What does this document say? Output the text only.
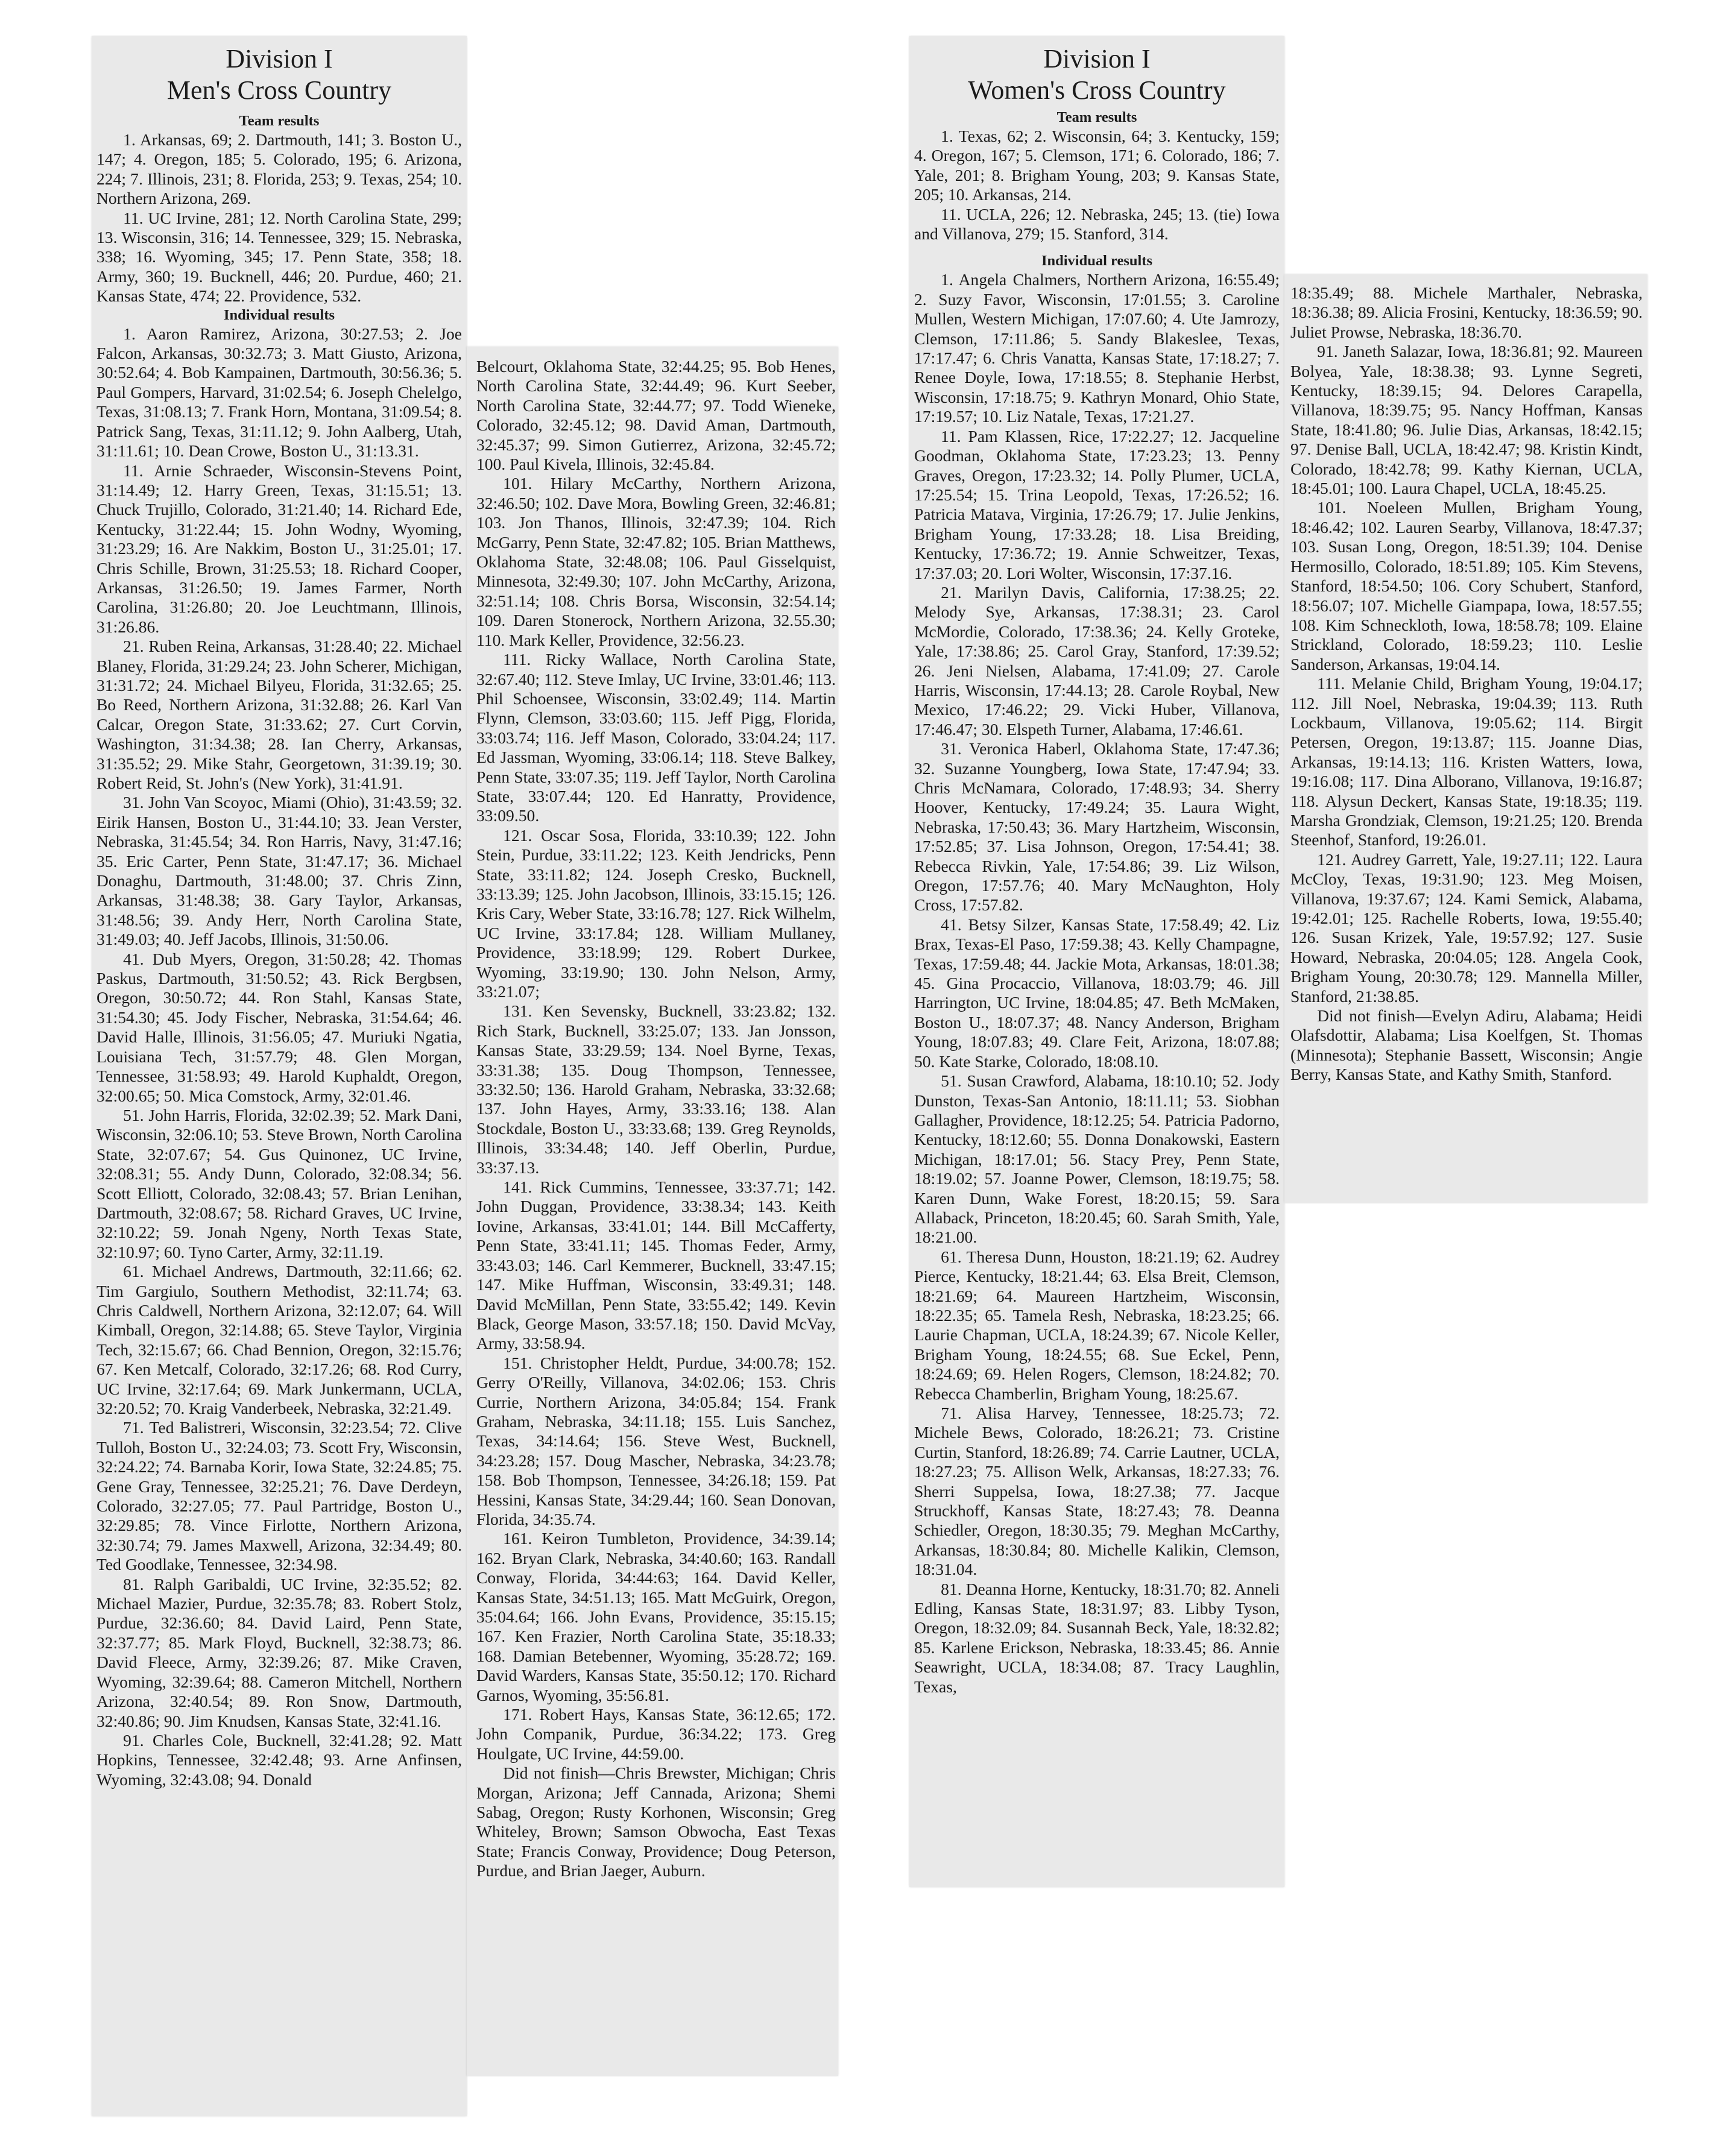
Division I
Men's Cross Country
Team results

1. Arkansas, 69; 2. Dartmouth, 141; 3. Boston U., 147; 4. Oregon, 185; 5. Colorado, 195; 6. Arizona, 224; 7. Illinois, 231; 8. Florida, 253; 9. Texas, 254; 10. Northern Arizona, 269.

11. UC Irvine, 281; 12. North Carolina State, 299; 13. Wisconsin, 316; 14. Tennessee, 329; 15. Nebraska, 338; 16. Wyoming, 345; 17. Penn State, 358; 18. Army, 360; 19. Bucknell, 446; 20. Purdue, 460; 21. Kansas State, 474; 22. Providence, 532.

Individual results

1. Aaron Ramirez, Arizona, 30:27.53; 2. Joe Falcon, Arkansas, 30:32.73; 3. Matt Giusto, Arizona, 30:52.64; 4. Bob Kampainen, Dartmouth, 30:56.36; 5. Paul Gompers, Harvard, 31:02.54; 6. Joseph Chelelgo, Texas, 31:08.13; 7. Frank Horn, Montana, 31:09.54; 8. Patrick Sang, Texas, 31:11.12; 9. John Aalberg, Utah, 31:11.61; 10. Dean Crowe, Boston U., 31:13.31.

11. Arnie Schraeder, Wisconsin-Stevens Point, 31:14.49; 12. Harry Green, Texas, 31:15.51; 13. Chuck Trujillo, Colorado, 31:21.40; 14. Richard Ede, Kentucky, 31:22.44; 15. John Wodny, Wyoming, 31:23.29; 16. Are Nakkim, Boston U., 31:25.01; 17. Chris Schille, Brown, 31:25.53; 18. Richard Cooper, Arkansas, 31:26.50; 19. James Farmer, North Carolina, 31:26.80; 20. Joe Leuchtmann, Illinois, 31:26.86.

21. Ruben Reina, Arkansas, 31:28.40; 22. Michael Blaney, Florida, 31:29.24; 23. John Scherer, Michigan, 31:31.72; 24. Michael Bilyeu, Florida, 31:32.65; 25. Bo Reed, Northern Arizona, 31:32.88; 26. Karl Van Calcar, Oregon State, 31:33.62; 27. Curt Corvin, Washington, 31:34.38; 28. Ian Cherry, Arkansas, 31:35.52; 29. Mike Stahr, Georgetown, 31:39.19; 30. Robert Reid, St. John's (New York), 31:41.91.

31. John Van Scoyoc, Miami (Ohio), 31:43.59; 32. Eirik Hansen, Boston U., 31:44.10; 33. Jean Verster, Nebraska, 31:45.54; 34. Ron Harris, Navy, 31:47.16; 35. Eric Carter, Penn State, 31:47.17; 36. Michael Donaghu, Dartmouth, 31:48.00; 37. Chris Zinn, Arkansas, 31:48.38; 38. Gary Taylor, Arkansas, 31:48.56; 39. Andy Herr, North Carolina State, 31:49.03; 40. Jeff Jacobs, Illinois, 31:50.06.

41. Dub Myers, Oregon, 31:50.28; 42. Thomas Paskus, Dartmouth, 31:50.52; 43. Rick Bergbsen, Oregon, 30:50.72; 44. Ron Stahl, Kansas State, 31:54.30; 45. Jody Fischer, Nebraska, 31:54.64; 46. David Halle, Illinois, 31:56.05; 47. Muriuki Ngatia, Louisiana Tech, 31:57.79; 48. Glen Morgan, Tennessee, 31:58.93; 49. Harold Kuphaldt, Oregon, 32:00.65; 50. Mica Comstock, Army, 32:01.46.

51. John Harris, Florida, 32:02.39; 52. Mark Dani, Wisconsin, 32:06.10; 53. Steve Brown, North Carolina State, 32:07.67; 54. Gus Quinonez, UC Irvine, 32:08.31; 55. Andy Dunn, Colorado, 32:08.34; 56. Scott Elliott, Colorado, 32:08.43; 57. Brian Lenihan, Dartmouth, 32:08.67; 58. Richard Graves, UC Irvine, 32:10.22; 59. Jonah Ngeny, North Texas State, 32:10.97; 60. Tyno Carter, Army, 32:11.19.

61. Michael Andrews, Dartmouth, 32:11.66; 62. Tim Gargiulo, Southern Methodist, 32:11.74; 63. Chris Caldwell, Northern Arizona, 32:12.07; 64. Will Kimball, Oregon, 32:14.88; 65. Steve Taylor, Virginia Tech, 32:15.67; 66. Chad Bennion, Oregon, 32:15.76; 67. Ken Metcalf, Colorado, 32:17.26; 68. Rod Curry, UC Irvine, 32:17.64; 69. Mark Junkermann, UCLA, 32:20.52; 70. Kraig Vanderbeek, Nebraska, 32:21.49.

71. Ted Balistreri, Wisconsin, 32:23.54; 72. Clive Tulloh, Boston U., 32:24.03; 73. Scott Fry, Wisconsin, 32:24.22; 74. Barnaba Korir, Iowa State, 32:24.85; 75. Gene Gray, Tennessee, 32:25.21; 76. Dave Derdeyn, Colorado, 32:27.05; 77. Paul Partridge, Boston U., 32:29.85; 78. Vince Firlotte, Northern Arizona, 32:30.74; 79. James Maxwell, Arizona, 32:34.49; 80. Ted Goodlake, Tennessee, 32:34.98.

81. Ralph Garibaldi, UC Irvine, 32:35.52; 82. Michael Mazier, Purdue, 32:35.78; 83. Robert Stolz, Purdue, 32:36.60; 84. David Laird, Penn State, 32:37.77; 85. Mark Floyd, Bucknell, 32:38.73; 86. David Fleece, Army, 32:39.26; 87. Mike Craven, Wyoming, 32:39.64; 88. Cameron Mitchell, Northern Arizona, 32:40.54; 89. Ron Snow, Dartmouth, 32:40.86; 90. Jim Knudsen, Kansas State, 32:41.16.

91. Charles Cole, Bucknell, 32:41.28; 92. Matt Hopkins, Tennessee, 32:42.48; 93. Arne Anfinsen, Wyoming, 32:43.08; 94. Donald

Belcourt, Oklahoma State, 32:44.25; 95. Bob Henes, North Carolina State, 32:44.49; 96. Kurt Seeber, North Carolina State, 32:44.77; 97. Todd Wieneke, Colorado, 32:45.12; 98. David Aman, Dartmouth, 32:45.37; 99. Simon Gutierrez, Arizona, 32:45.72; 100. Paul Kivela, Illinois, 32:45.84.

101. Hilary McCarthy, Northern Arizona, 32:46.50; 102. Dave Mora, Bowling Green, 32:46.81; 103. Jon Thanos, Illinois, 32:47.39; 104. Rich McGarry, Penn State, 32:47.82; 105. Brian Matthews, Oklahoma State, 32:48.08; 106. Paul Gisselquist, Minnesota, 32:49.30; 107. John McCarthy, Arizona, 32:51.14; 108. Chris Borsa, Wisconsin, 32:54.14; 109. Daren Stonerock, Northern Arizona, 32.55.30; 110. Mark Keller, Providence, 32:56.23.

111. Ricky Wallace, North Carolina State, 32:67.40; 112. Steve Imlay, UC Irvine, 33:01.46; 113. Phil Schoensee, Wisconsin, 33:02.49; 114. Martin Flynn, Clemson, 33:03.60; 115. Jeff Pigg, Florida, 33:03.74; 116. Jeff Mason, Colorado, 33:04.24; 117. Ed Jassman, Wyoming, 33:06.14; 118. Steve Balkey, Penn State, 33:07.35; 119. Jeff Taylor, North Carolina State, 33:07.44; 120. Ed Hanratty, Providence, 33:09.50.

121. Oscar Sosa, Florida, 33:10.39; 122. John Stein, Purdue, 33:11.22; 123. Keith Jendricks, Penn State, 33:11.82; 124. Joseph Cresko, Bucknell, 33:13.39; 125. John Jacobson, Illinois, 33:15.15; 126. Kris Cary, Weber State, 33:16.78; 127. Rick Wilhelm, UC Irvine, 33:17.84; 128. William Mullaney, Providence, 33:18.99; 129. Robert Durkee, Wyoming, 33:19.90; 130. John Nelson, Army, 33:21.07;

131. Ken Sevensky, Bucknell, 33:23.82; 132. Rich Stark, Bucknell, 33:25.07; 133. Jan Jonsson, Kansas State, 33:29.59; 134. Noel Byrne, Texas, 33:31.38; 135. Doug Thompson, Tennessee, 33:32.50; 136. Harold Graham, Nebraska, 33:32.68; 137. John Hayes, Army, 33:33.16; 138. Alan Stockdale, Boston U., 33:33.68; 139. Greg Reynolds, Illinois, 33:34.48; 140. Jeff Oberlin, Purdue, 33:37.13.

141. Rick Cummins, Tennessee, 33:37.71; 142. John Duggan, Providence, 33:38.34; 143. Keith Iovine, Arkansas, 33:41.01; 144. Bill McCafferty, Penn State, 33:41.11; 145. Thomas Feder, Army, 33:43.03; 146. Carl Kemmerer, Bucknell, 33:47.15; 147. Mike Huffman, Wisconsin, 33:49.31; 148. David McMillan, Penn State, 33:55.42; 149. Kevin Black, George Mason, 33:57.18; 150. David McVay, Army, 33:58.94.

151. Christopher Heldt, Purdue, 34:00.78; 152. Gerry O'Reilly, Villanova, 34:02.06; 153. Chris Currie, Northern Arizona, 34:05.84; 154. Frank Graham, Nebraska, 34:11.18; 155. Luis Sanchez, Texas, 34:14.64; 156. Steve West, Bucknell, 34:23.28; 157. Doug Mascher, Nebraska, 34:23.78; 158. Bob Thompson, Tennessee, 34:26.18; 159. Pat Hessini, Kansas State, 34:29.44; 160. Sean Donovan, Florida, 34:35.74.

161. Keiron Tumbleton, Providence, 34:39.14; 162. Bryan Clark, Nebraska, 34:40.60; 163. Randall Conway, Florida, 34:44:63; 164. David Keller, Kansas State, 34:51.13; 165. Matt McGuirk, Oregon, 35:04.64; 166. John Evans, Providence, 35:15.15; 167. Ken Frazier, North Carolina State, 35:18.33; 168. Damian Betebenner, Wyoming, 35:28.72; 169. David Warders, Kansas State, 35:50.12; 170. Richard Garnos, Wyoming, 35:56.81.

171. Robert Hays, Kansas State, 36:12.65; 172. John Companik, Purdue, 36:34.22; 173. Greg Houlgate, UC Irvine, 44:59.00.

Did not finish—Chris Brewster, Michigan; Chris Morgan, Arizona; Jeff Cannada, Arizona; Shemi Sabag, Oregon; Rusty Korhonen, Wisconsin; Greg Whiteley, Brown; Samson Obwocha, East Texas State; Francis Conway, Providence; Doug Peterson, Purdue, and Brian Jaeger, Auburn.

Division I
Women's Cross Country
Team results

1. Texas, 62; 2. Wisconsin, 64; 3. Kentucky, 159; 4. Oregon, 167; 5. Clemson, 171; 6. Colorado, 186; 7. Yale, 201; 8. Brigham Young, 203; 9. Kansas State, 205; 10. Arkansas, 214.

11. UCLA, 226; 12. Nebraska, 245; 13. (tie) Iowa and Villanova, 279; 15. Stanford, 314.

Individual results

1. Angela Chalmers, Northern Arizona, 16:55.49; 2. Suzy Favor, Wisconsin, 17:01.55; 3. Caroline Mullen, Western Michigan, 17:07.60; 4. Ute Jamrozy, Clemson, 17:11.86; 5. Sandy Blakeslee, Texas, 17:17.47; 6. Chris Vanatta, Kansas State, 17:18.27; 7. Renee Doyle, Iowa, 17:18.55; 8. Stephanie Herbst, Wisconsin, 17:18.75; 9. Kathryn Monard, Ohio State, 17:19.57; 10. Liz Natale, Texas, 17:21.27.

11. Pam Klassen, Rice, 17:22.27; 12. Jacqueline Goodman, Oklahoma State, 17:23.23; 13. Penny Graves, Oregon, 17:23.32; 14. Polly Plumer, UCLA, 17:25.54; 15. Trina Leopold, Texas, 17:26.52; 16. Patricia Matava, Virginia, 17:26.79; 17. Julie Jenkins, Brigham Young, 17:33.28; 18. Lisa Breiding, Kentucky, 17:36.72; 19. Annie Schweitzer, Texas, 17:37.03; 20. Lori Wolter, Wisconsin, 17:37.16.

21. Marilyn Davis, California, 17:38.25; 22. Melody Sye, Arkansas, 17:38.31; 23. Carol McMordie, Colorado, 17:38.36; 24. Kelly Groteke, Yale, 17:38.86; 25. Carol Gray, Stanford, 17:39.52; 26. Jeni Nielsen, Alabama, 17:41.09; 27. Carole Harris, Wisconsin, 17:44.13; 28. Carole Roybal, New Mexico, 17:46.22; 29. Vicki Huber, Villanova, 17:46.47; 30. Elspeth Turner, Alabama, 17:46.61.

31. Veronica Haberl, Oklahoma State, 17:47.36; 32. Suzanne Youngberg, Iowa State, 17:47.94; 33. Chris McNamara, Colorado, 17:48.93; 34. Sherry Hoover, Kentucky, 17:49.24; 35. Laura Wight, Nebraska, 17:50.43; 36. Mary Hartzheim, Wisconsin, 17:52.85; 37. Lisa Johnson, Oregon, 17:54.41; 38. Rebecca Rivkin, Yale, 17:54.86; 39. Liz Wilson, Oregon, 17:57.76; 40. Mary McNaughton, Holy Cross, 17:57.82.

41. Betsy Silzer, Kansas State, 17:58.49; 42. Liz Brax, Texas-El Paso, 17:59.38; 43. Kelly Champagne, Texas, 17:59.48; 44. Jackie Mota, Arkansas, 18:01.38; 45. Gina Procaccio, Villanova, 18:03.79; 46. Jill Harrington, UC Irvine, 18:04.85; 47. Beth McMaken, Boston U., 18:07.37; 48. Nancy Anderson, Brigham Young, 18:07.83; 49. Clare Feit, Arizona, 18:07.88; 50. Kate Starke, Colorado, 18:08.10.

51. Susan Crawford, Alabama, 18:10.10; 52. Jody Dunston, Texas-San Antonio, 18:11.11; 53. Siobhan Gallagher, Providence, 18:12.25; 54. Patricia Padorno, Kentucky, 18:12.60; 55. Donna Donakowski, Eastern Michigan, 18:17.01; 56. Stacy Prey, Penn State, 18:19.02; 57. Joanne Power, Clemson, 18:19.75; 58. Karen Dunn, Wake Forest, 18:20.15; 59. Sara Allaback, Princeton, 18:20.45; 60. Sarah Smith, Yale, 18:21.00.

61. Theresa Dunn, Houston, 18:21.19; 62. Audrey Pierce, Kentucky, 18:21.44; 63. Elsa Breit, Clemson, 18:21.69; 64. Maureen Hartzheim, Wisconsin, 18:22.35; 65. Tamela Resh, Nebraska, 18:23.25; 66. Laurie Chapman, UCLA, 18:24.39; 67. Nicole Keller, Brigham Young, 18:24.55; 68. Sue Eckel, Penn, 18:24.69; 69. Helen Rogers, Clemson, 18:24.82; 70. Rebecca Chamberlin, Brigham Young, 18:25.67.

71. Alisa Harvey, Tennessee, 18:25.73; 72. Michele Bews, Colorado, 18:26.21; 73. Cristine Curtin, Stanford, 18:26.89; 74. Carrie Lautner, UCLA, 18:27.23; 75. Allison Welk, Arkansas, 18:27.33; 76. Sherri Suppelsa, Iowa, 18:27.38; 77. Jacque Struckhoff, Kansas State, 18:27.43; 78. Deanna Schiedler, Oregon, 18:30.35; 79. Meghan McCarthy, Arkansas, 18:30.84; 80. Michelle Kalikin, Clemson, 18:31.04.

81. Deanna Horne, Kentucky, 18:31.70; 82. Anneli Edling, Kansas State, 18:31.97; 83. Libby Tyson, Oregon, 18:32.09; 84. Susannah Beck, Yale, 18:32.82; 85. Karlene Erickson, Nebraska, 18:33.45; 86. Annie Seawright, UCLA, 18:34.08; 87. Tracy Laughlin, Texas,

18:35.49; 88. Michele Marthaler, Nebraska, 18:36.38; 89. Alicia Frosini, Kentucky, 18:36.59; 90. Juliet Prowse, Nebraska, 18:36.70.

91. Janeth Salazar, Iowa, 18:36.81; 92. Maureen Bolyea, Yale, 18:38.38; 93. Lynne Segreti, Kentucky, 18:39.15; 94. Delores Carapella, Villanova, 18:39.75; 95. Nancy Hoffman, Kansas State, 18:41.80; 96. Julie Dias, Arkansas, 18:42.15; 97. Denise Ball, UCLA, 18:42.47; 98. Kristin Kindt, Colorado, 18:42.78; 99. Kathy Kiernan, UCLA, 18:45.01; 100. Laura Chapel, UCLA, 18:45.25.

101. Noeleen Mullen, Brigham Young, 18:46.42; 102. Lauren Searby, Villanova, 18:47.37; 103. Susan Long, Oregon, 18:51.39; 104. Denise Hermosillo, Colorado, 18:51.89; 105. Kim Stevens, Stanford, 18:54.50; 106. Cory Schubert, Stanford, 18:56.07; 107. Michelle Giampapa, Iowa, 18:57.55; 108. Kim Schneckloth, Iowa, 18:58.78; 109. Elaine Strickland, Colorado, 18:59.23; 110. Leslie Sanderson, Arkansas, 19:04.14.

111. Melanie Child, Brigham Young, 19:04.17; 112. Jill Noel, Nebraska, 19:04.39; 113. Ruth Lockbaum, Villanova, 19:05.62; 114. Birgit Petersen, Oregon, 19:13.87; 115. Joanne Dias, Arkansas, 19:14.13; 116. Kristen Watters, Iowa, 19:16.08; 117. Dina Alborano, Villanova, 19:16.87; 118. Alysun Deckert, Kansas State, 19:18.35; 119. Marsha Grondziak, Clemson, 19:21.25; 120. Brenda Steenhof, Stanford, 19:26.01.

121. Audrey Garrett, Yale, 19:27.11; 122. Laura McCloy, Texas, 19:31.90; 123. Meg Moisen, Villanova, 19:37.67; 124. Kami Semick, Alabama, 19:42.01; 125. Rachelle Roberts, Iowa, 19:55.40; 126. Susan Krizek, Yale, 19:57.92; 127. Susie Howard, Nebraska, 20:04.05; 128. Angela Cook, Brigham Young, 20:30.78; 129. Mannella Miller, Stanford, 21:38.85.

Did not finish—Evelyn Adiru, Alabama; Heidi Olafsdottir, Alabama; Lisa Koelfgen, St. Thomas (Minnesota); Stephanie Bassett, Wisconsin; Angie Berry, Kansas State, and Kathy Smith, Stanford.
